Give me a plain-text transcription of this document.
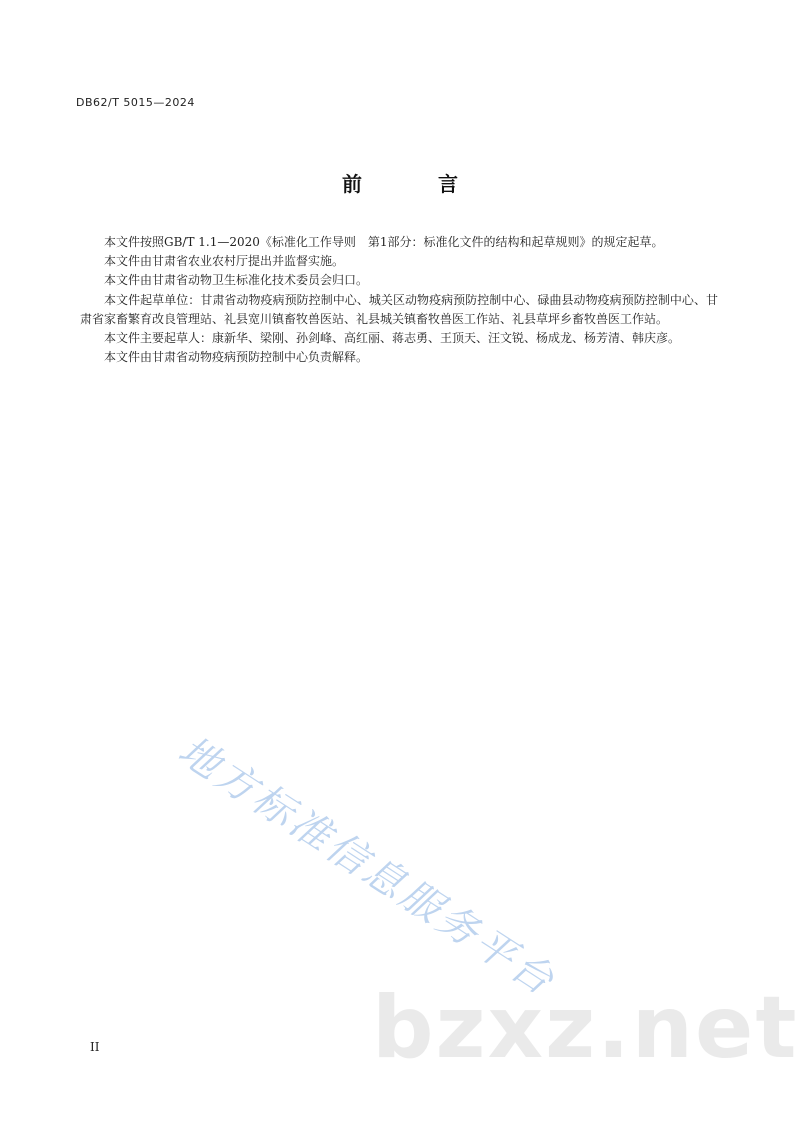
DB62/T 5015—2024
前　言

本文件按照GB/T 1.1—2020《标准化工作导则　第1部分：标准化文件的结构和起草规则》的规定起草。

本文件由甘肃省农业农村厅提出并监督实施。

本文件由甘肃省动物卫生标准化技术委员会归口。

本文件起草单位：甘肃省动物疫病预防控制中心、城关区动物疫病预防控制中心、碌曲县动物疫病预防控制中心、甘肃省家畜繁育改良管理站、礼县宽川镇畜牧兽医站、礼县城关镇畜牧兽医工作站、礼县草坪乡畜牧兽医工作站。

本文件主要起草人：康新华、梁刚、孙剑峰、高红丽、蒋志勇、王顶天、汪文锐、杨成龙、杨芳清、韩庆彦。

本文件由甘肃省动物疫病预防控制中心负责解释。

地方标准信息服务平台
bzxz.net
II
